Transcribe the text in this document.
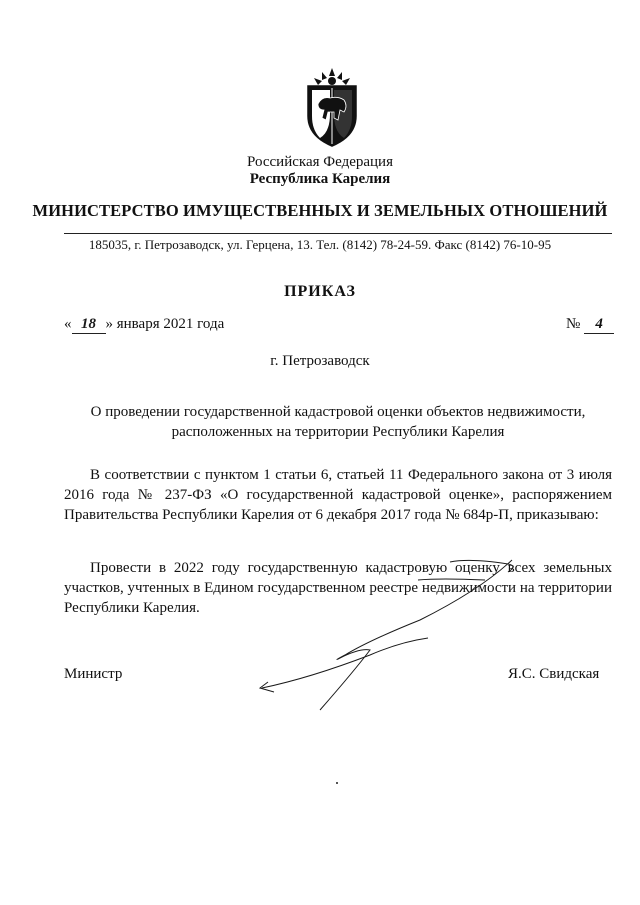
Российская Федерация
Республика Карелия
МИНИСТЕРСТВО ИМУЩЕСТВЕННЫХ И ЗЕМЕЛЬНЫХ ОТНОШЕНИЙ
185035, г. Петрозаводск, ул. Герцена, 13. Тел. (8142) 78-24-59. Факс (8142) 76-10-95
ПРИКАЗ
« 18 » января 2021 года	№ 4
г. Петрозаводск
О проведении государственной кадастровой оценки объектов недвижимости, расположенных на территории Республики Карелия
В соответствии с пунктом 1 статьи 6, статьей 11 Федерального закона от 3 июля 2016 года № 237-ФЗ «О государственной кадастровой оценке», распоряжением Правительства Республики Карелия от 6 декабря 2017 года № 684р-П, приказываю:
Провести в 2022 году государственную кадастровую оценку всех земельных участков, учтенных в Едином государственном реестре недвижимости на территории Республики Карелия.
Министр	Я.С. Свидская
